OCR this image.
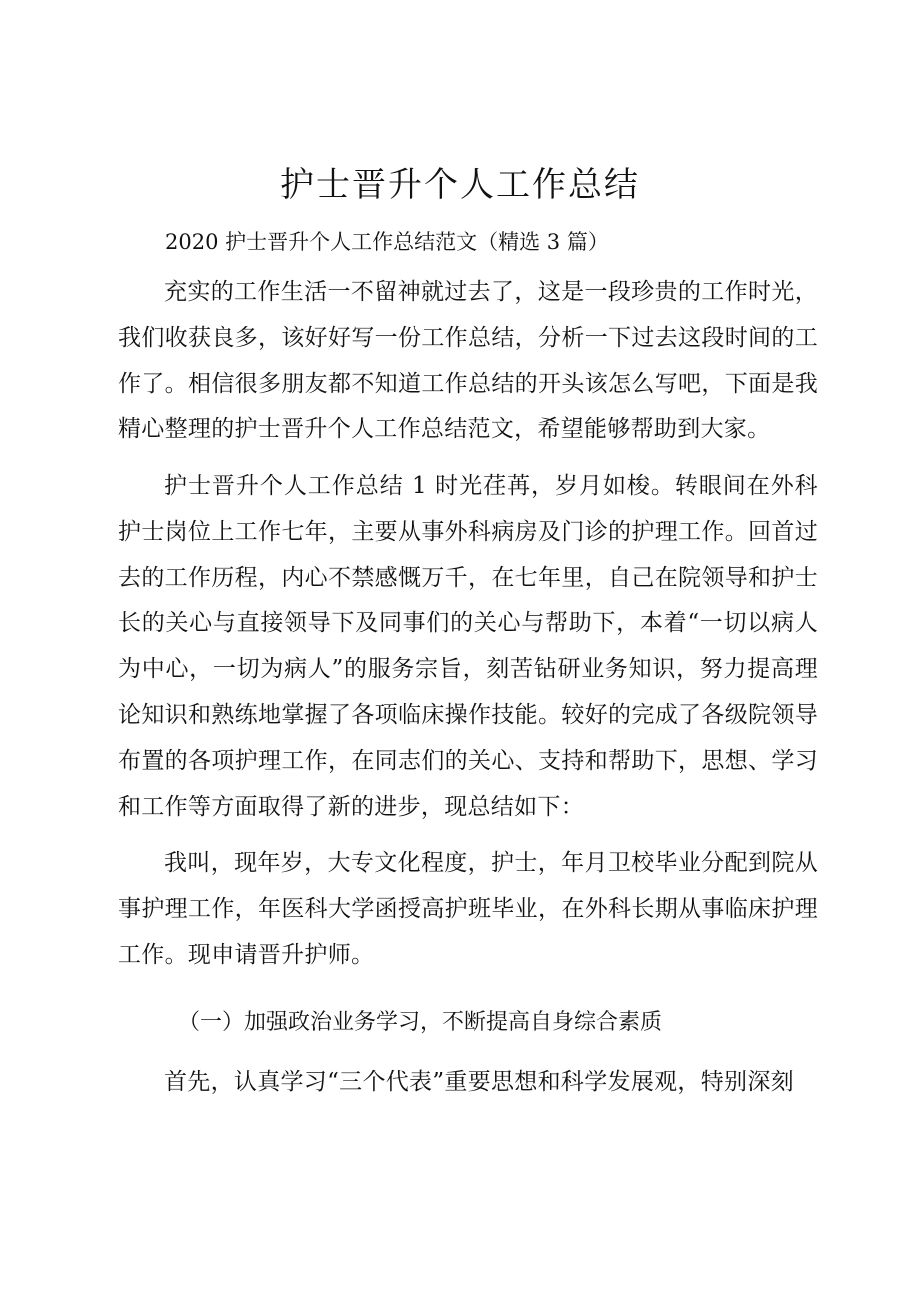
护士晋升个人工作总结
2020 护士晋升个人工作总结范文（精选 3 篇）
充实的工作生活一不留神就过去了，这是一段珍贵的工作时光，我们收获良多，该好好写一份工作总结，分析一下过去这段时间的工作了。相信很多朋友都不知道工作总结的开头该怎么写吧，下面是我精心整理的护士晋升个人工作总结范文，希望能够帮助到大家。
护士晋升个人工作总结 1 时光荏苒，岁月如梭。转眼间在外科护士岗位上工作七年，主要从事外科病房及门诊的护理工作。回首过去的工作历程，内心不禁感慨万千，在七年里，自己在院领导和护士长的关心与直接领导下及同事们的关心与帮助下，本着“一切以病人为中心，一切为病人”的服务宗旨，刻苦钻研业务知识，努力提高理论知识和熟练地掌握了各项临床操作技能。较好的完成了各级院领导布置的各项护理工作，在同志们的关心、支持和帮助下，思想、学习和工作等方面取得了新的进步，现总结如下：
我叫，现年岁，大专文化程度，护士，年月卫校毕业分配到院从事护理工作，年医科大学函授高护班毕业，在外科长期从事临床护理工作。现申请晋升护师。
（一）加强政治业务学习，不断提高自身综合素质
首先，认真学习“三个代表”重要思想和科学发展观，特别深刻
